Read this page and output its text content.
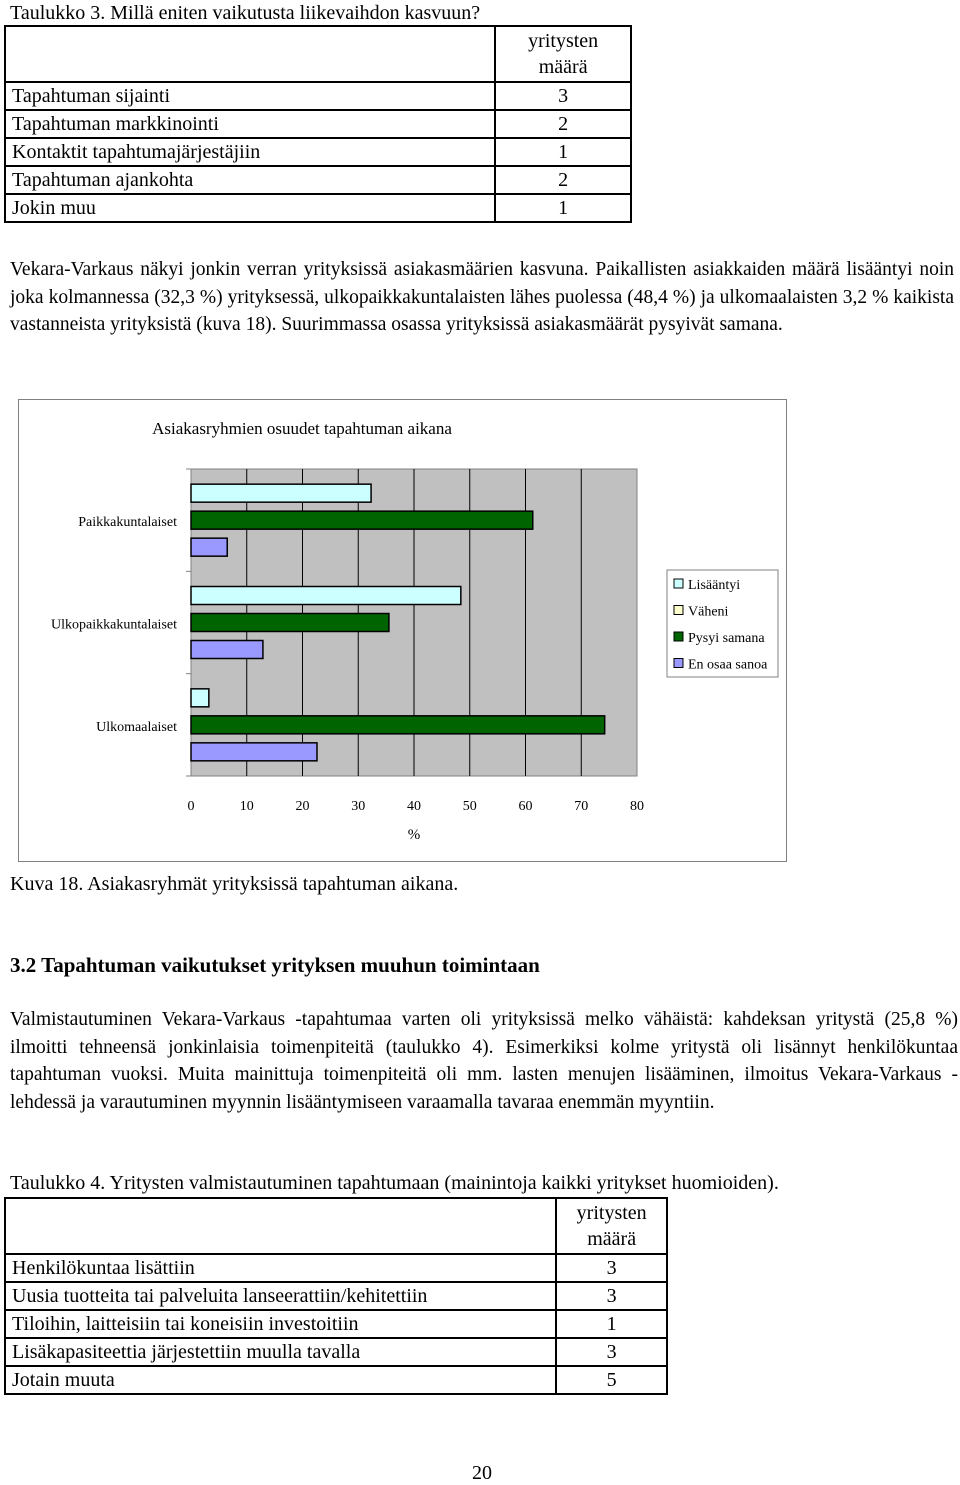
Taulukko 3. Millä eniten vaikutusta liikevaihdon kasvuun?
	yritysten
määrä
Tapahtuman sijainti	3
Tapahtuman markkinointi	2
Kontaktit tapahtumajärjestäjiin	1
Tapahtuman ajankohta	2
Jokin muu	1
Vekara-Varkaus näkyi jonkin verran yrityksissä asiakasmäärien kasvuna. Paikallisten asiakkaiden määrä lisääntyi noin joka kolmannessa (32,3 %) yrityksessä, ulkopaikkakuntalaisten lähes puolessa (48,4 %) ja ulkomaalaisten 3,2 % kaikista vastanneista yrityksistä (kuva 18). Suurimmassa osassa yrityksissä asiakasmäärät pysyivät samana.
Asiakasryhmien osuudet tapahtuman aikana
Paikkakuntalaiset
Ulkopaikkakuntalaiset
Ulkomaalaiset
0	10	20	30	40	50	60	70	80
%
Lisääntyi
Väheni
Pysyi samana
En osaa sanoa
Kuva 18. Asiakasryhmät yrityksissä tapahtuman aikana.
3.2 Tapahtuman vaikutukset yrityksen muuhun toimintaan
Valmistautuminen Vekara-Varkaus -tapahtumaa varten oli yrityksissä melko vähäistä: kahdeksan yritystä (25,8 %) ilmoitti tehneensä jonkinlaisia toimenpiteitä (taulukko 4). Esimerkiksi kolme yritystä oli lisännyt henkilökuntaa tapahtuman vuoksi. Muita mainittuja toimenpiteitä oli mm. lasten menujen lisääminen, ilmoitus Vekara-Varkaus -lehdessä ja varautuminen myynnin lisääntymiseen varaamalla tavaraa enemmän myyntiin.
Taulukko 4. Yritysten valmistautuminen tapahtumaan (mainintoja kaikki yritykset huomioiden).
	yritysten
määrä
Henkilökuntaa lisättiin	3
Uusia tuotteita tai palveluita lanseerattiin/kehitettiin	3
Tiloihin, laitteisiin tai koneisiin investoitiin	1
Lisäkapasiteettia järjestettiin muulla tavalla	3
Jotain muuta	5
20
